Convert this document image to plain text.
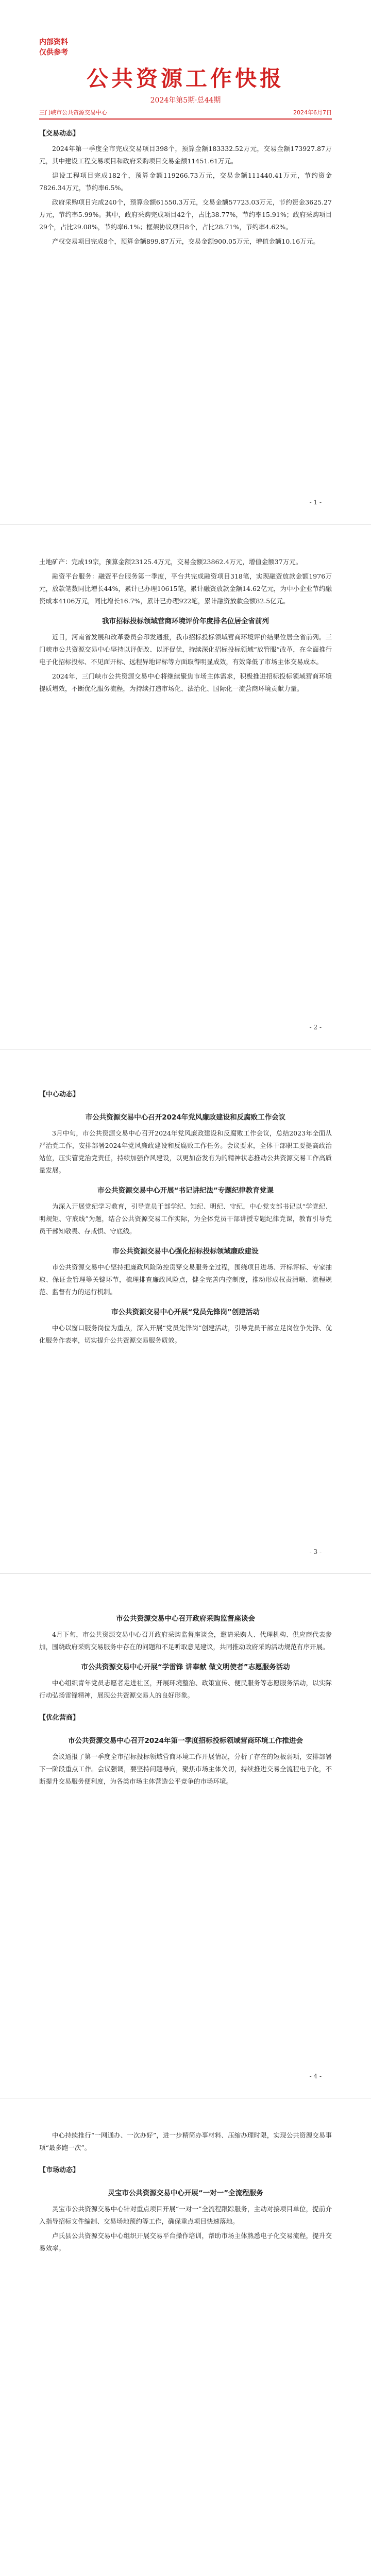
内部资料
仅供参考
公共资源工作快报
2024年第5期·总44期
三门峡市公共资源交易中心	2024年6月7日
【交易动态】
2024年第一季度全市完成交易项目398个，预算金额183332.52万元，交易金额173927.87万元，其中建设工程交易项目和政府采购项目交易金额11451.61万元。
建设工程项目完成182个，预算金额119266.73万元，交易金额111440.41万元，节约资金7826.34万元，节约率6.5%。
政府采购项目完成240个，预算金额61550.3万元，交易金额57723.03万元，节约资金3625.27万元，节约率5.99%。其中，政府采购完成项目42个，占比38.77%，节约率15.91%；政府采购项目29个，占比29.08%，节约率6.1%；框架协议项目8个，占比28.71%，节约率4.62%。
产权交易项目完成8个，预算金额899.87万元，交易金额900.05万元，增值金额10.16万元。
- 1 -
土地矿产：完成19宗，预算金额23125.4万元，交易金额23862.4万元，增值金额37万元。
融资平台服务：融资平台服务第一季度，平台共完成融资项目318笔，实现融资放款金额1976万元，放款笔数同比增长44%，累计已办理10615笔，累计融资放款金额14.62亿元，为中小企业节约融资成本4106万元，同比增长16.7%，累计已办理922笔，累计融资放款金额82.5亿元。
我市招标投标领域营商环境评价年度排名位居全省前列
近日，河南省发展和改革委员会印发通报，我市招标投标领域营商环境评价结果位居全省前列。三门峡市公共资源交易中心坚持以评促改、以评促优，持续深化招标投标领域“放管服”改革，在全面推行电子化招标投标、不见面开标、远程异地评标等方面取得明显成效，有效降低了市场主体交易成本。
2024年，三门峡市公共资源交易中心将继续聚焦市场主体需求，积极推进招标投标领域营商环境提质增效，不断优化服务流程，为持续打造市场化、法治化、国际化一流营商环境贡献力量。
- 2 -
【中心动态】
市公共资源交易中心召开2024年党风廉政建设和反腐败工作会议
3月中旬，市公共资源交易中心召开2024年党风廉政建设和反腐败工作会议，总结2023年全面从严治党工作，安排部署2024年党风廉政建设和反腐败工作任务。会议要求，全体干部职工要提高政治站位，压实管党治党责任，持续加强作风建设，以更加奋发有为的精神状态推动公共资源交易工作高质量发展。
市公共资源交易中心开展“书记讲纪法”专题纪律教育党课
为深入开展党纪学习教育，引导党员干部学纪、知纪、明纪、守纪，中心党支部书记以“学党纪、明规矩、守底线”为题，结合公共资源交易工作实际，为全体党员干部讲授专题纪律党课，教育引导党员干部知敬畏、存戒惧、守底线。
市公共资源交易中心强化招标投标领域廉政建设
市公共资源交易中心坚持把廉政风险防控贯穿交易服务全过程，围绕项目进场、开标评标、专家抽取、保证金管理等关键环节，梳理排查廉政风险点，健全完善内控制度，推动形成权责清晰、流程规范、监督有力的运行机制。
市公共资源交易中心开展“党员先锋岗”创建活动
中心以窗口服务岗位为重点，深入开展“党员先锋岗”创建活动，引导党员干部立足岗位争先锋、优化服务作表率，切实提升公共资源交易服务质效。
- 3 -
市公共资源交易中心召开政府采购监督座谈会
4月下旬，市公共资源交易中心召开政府采购监督座谈会，邀请采购人、代理机构、供应商代表参加，围绕政府采购交易服务中存在的问题和不足听取意见建议，共同推动政府采购活动规范有序开展。
市公共资源交易中心开展“学雷锋 讲奉献 做文明使者”志愿服务活动
中心组织青年党员志愿者走进社区，开展环境整治、政策宣传、便民服务等志愿服务活动，以实际行动弘扬雷锋精神，展现公共资源交易人的良好形象。
【优化营商】
市公共资源交易中心召开2024年第一季度招标投标领域营商环境工作推进会
会议通报了第一季度全市招标投标领域营商环境工作开展情况，分析了存在的短板弱项，安排部署下一阶段重点工作。会议强调，要坚持问题导向，聚焦市场主体关切，持续推进交易全流程电子化，不断提升交易服务便利度，为各类市场主体营造公平竞争的市场环境。
- 4 -
中心持续推行“一网通办、一次办好”，进一步精简办事材料、压缩办理时限，实现公共资源交易事项“最多跑一次”。
【市场动态】
灵宝市公共资源交易中心开展“一对一”全流程服务
灵宝市公共资源交易中心针对重点项目开展“一对一”全流程跟踪服务，主动对接项目单位，提前介入指导招标文件编制、交易场地预约等工作，确保重点项目快速落地。
卢氏县公共资源交易中心组织开展交易平台操作培训，帮助市场主体熟悉电子化交易流程，提升交易效率。
